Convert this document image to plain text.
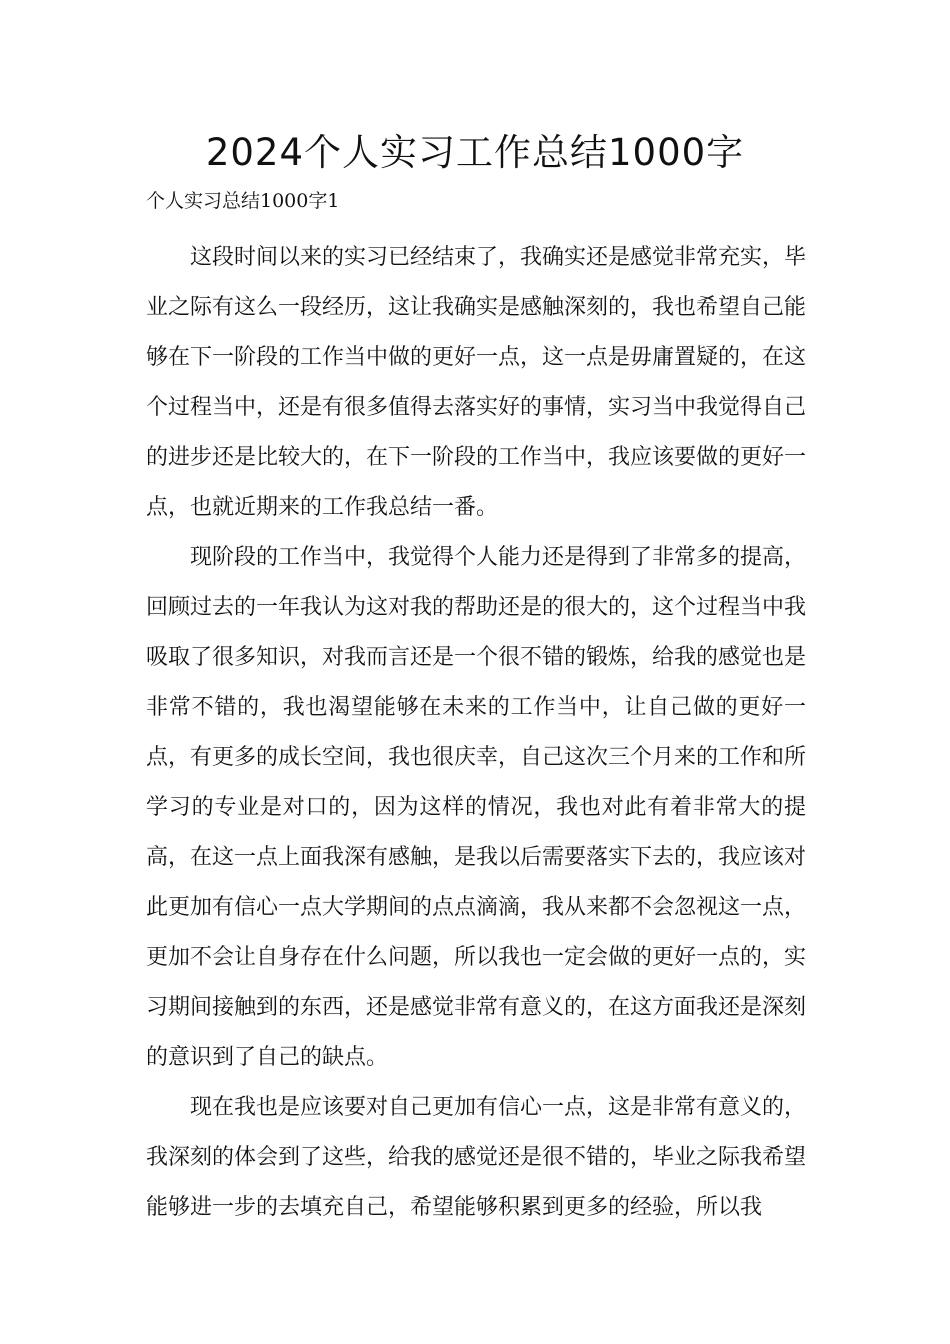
2024个人实习工作总结1000字
个人实习总结1000字1

这段时间以来的实习已经结束了，我确实还是感觉非常充实，毕业之际有这么一段经历，这让我确实是感触深刻的，我也希望自己能够在下一阶段的工作当中做的更好一点，这一点是毋庸置疑的，在这个过程当中，还是有很多值得去落实好的事情，实习当中我觉得自己的进步还是比较大的，在下一阶段的工作当中，我应该要做的更好一点，也就近期来的工作我总结一番。

现阶段的工作当中，我觉得个人能力还是得到了非常多的提高，回顾过去的一年我认为这对我的帮助还是的很大的，这个过程当中我吸取了很多知识，对我而言还是一个很不错的锻炼，给我的感觉也是非常不错的，我也渴望能够在未来的工作当中，让自己做的更好一点，有更多的成长空间，我也很庆幸，自己这次三个月来的工作和所学习的专业是对口的，因为这样的情况，我也对此有着非常大的提高，在这一点上面我深有感触，是我以后需要落实下去的，我应该对此更加有信心一点大学期间的点点滴滴，我从来都不会忽视这一点，更加不会让自身存在什么问题，所以我也一定会做的更好一点的，实习期间接触到的东西，还是感觉非常有意义的，在这方面我还是深刻的意识到了自己的缺点。

现在我也是应该要对自己更加有信心一点，这是非常有意义的，我深刻的体会到了这些，给我的感觉还是很不错的，毕业之际我希望能够进一步的去填充自己，希望能够积累到更多的经验，所以我
